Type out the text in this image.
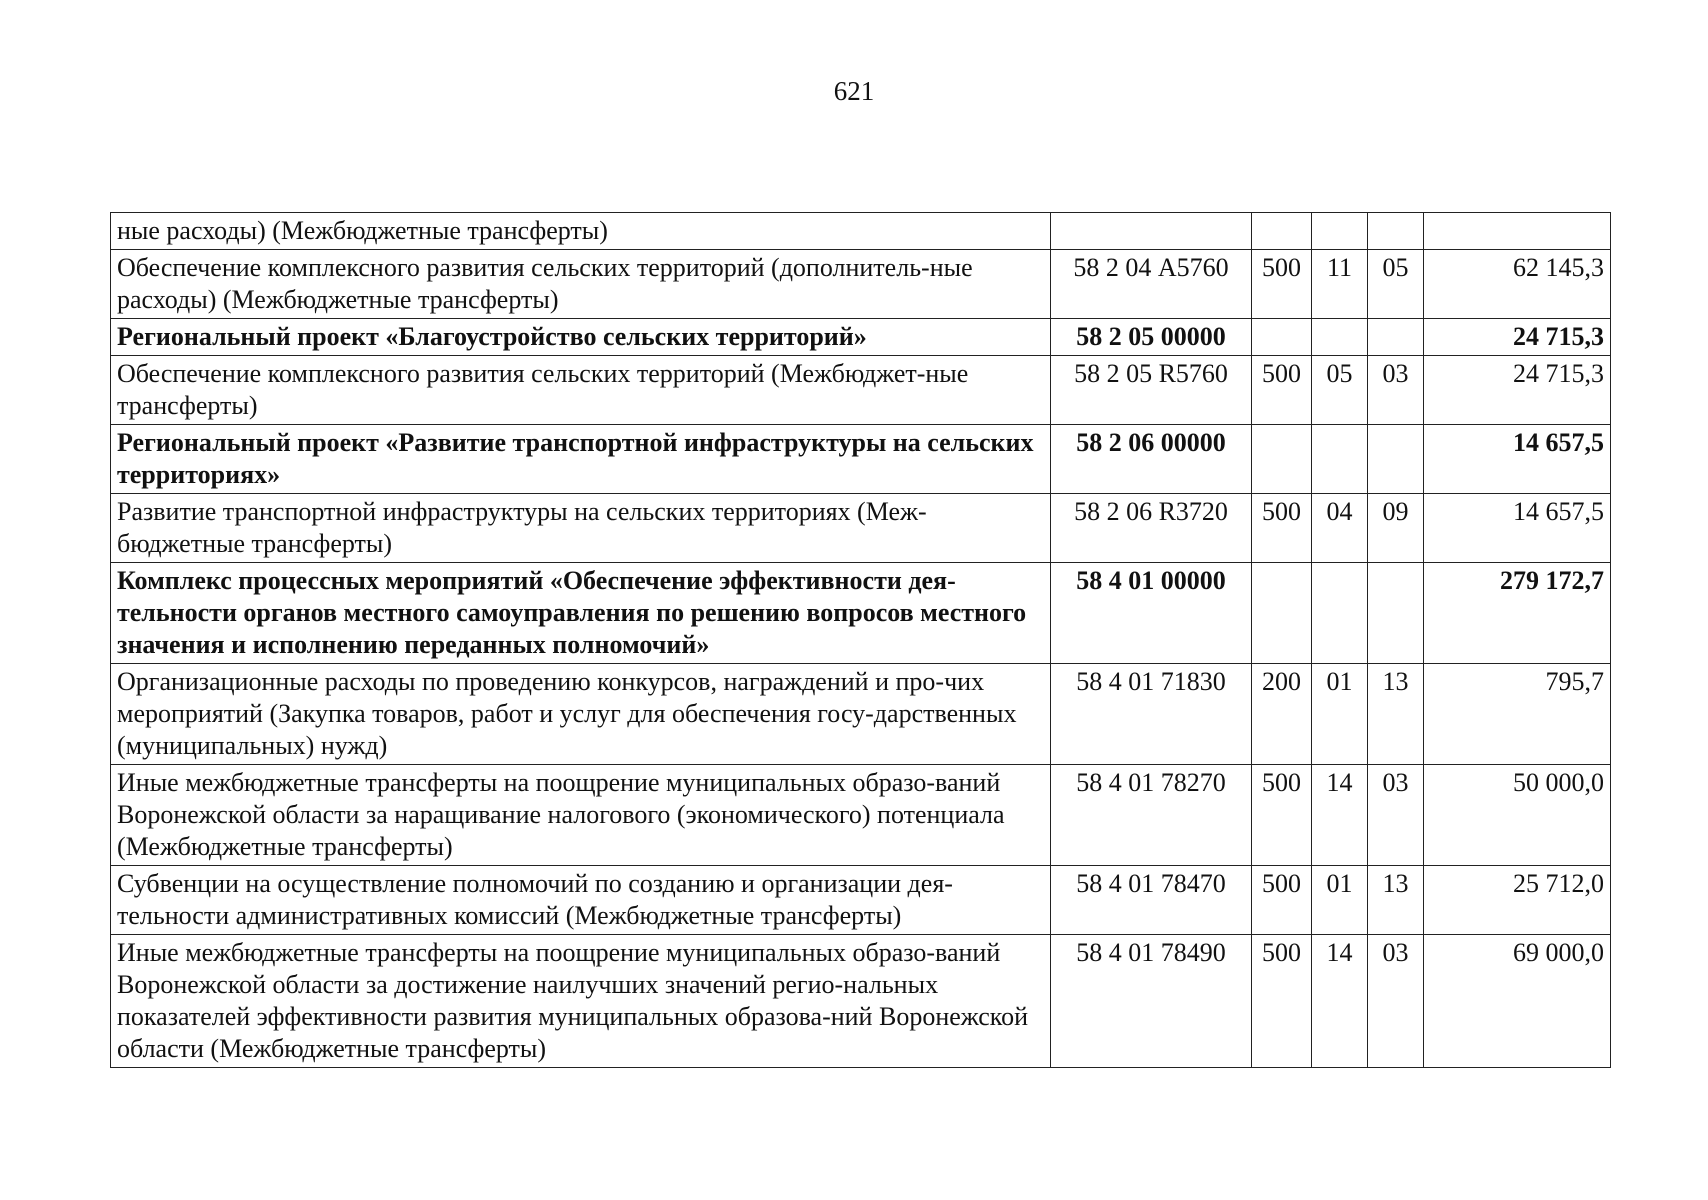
621
ные расходы) (Межбюджетные трансферты)					
Обеспечение комплексного развития сельских территорий (дополнитель-ные расходы) (Межбюджетные трансферты)	58 2 04 А5760	500	11	05	62 145,3
Региональный проект «Благоустройство сельских территорий»	58 2 05 00000				24 715,3
Обеспечение комплексного развития сельских территорий (Межбюджет-ные трансферты)	58 2 05 R5760	500	05	03	24 715,3
Региональный проект «Развитие транспортной инфраструктуры на сельских территориях»	58 2 06 00000				14 657,5
Развитие транспортной инфраструктуры на сельских территориях (Меж-бюджетные трансферты)	58 2 06 R3720	500	04	09	14 657,5
Комплекс процессных мероприятий «Обеспечение эффективности дея-тельности органов местного самоуправления по решению вопросов местного значения и исполнению переданных полномочий»	58 4 01 00000				279 172,7
Организационные расходы по проведению конкурсов, награждений и про-чих мероприятий (Закупка товаров, работ и услуг для обеспечения госу-дарственных (муниципальных) нужд)	58 4 01 71830	200	01	13	795,7
Иные межбюджетные трансферты на поощрение муниципальных образо-ваний Воронежской области за наращивание налогового (экономического) потенциала (Межбюджетные трансферты)	58 4 01 78270	500	14	03	50 000,0
Субвенции на осуществление полномочий по созданию и организации дея-тельности административных комиссий (Межбюджетные трансферты)	58 4 01 78470	500	01	13	25 712,0
Иные межбюджетные трансферты на поощрение муниципальных образо-ваний Воронежской области за достижение наилучших значений регио-нальных показателей эффективности развития муниципальных образова-ний Воронежской области (Межбюджетные трансферты)	58 4 01 78490	500	14	03	69 000,0
